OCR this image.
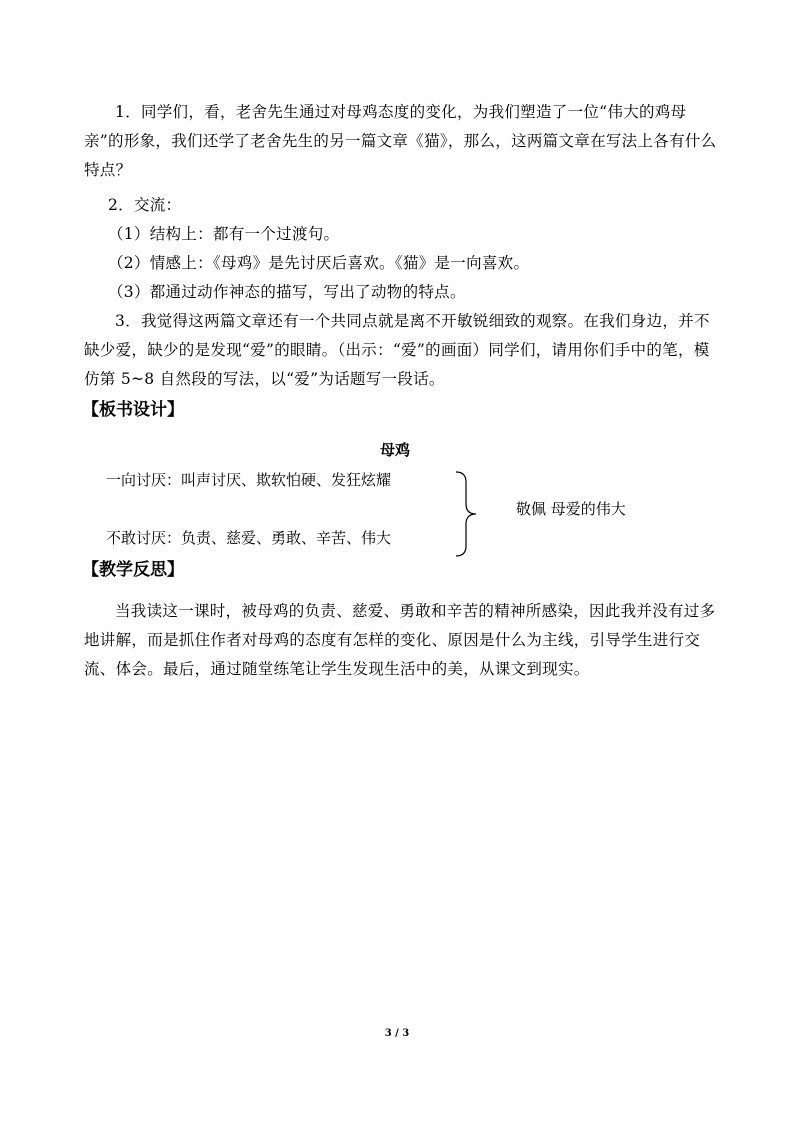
1．同学们，看，老舍先生通过对母鸡态度的变化，为我们塑造了一位“伟大的鸡母亲”的形象，我们还学了老舍先生的另一篇文章《猫》，那么，这两篇文章在写法上各有什么特点？
2．交流：
（1）结构上：都有一个过渡句。
（2）情感上：《母鸡》是先讨厌后喜欢。《猫》是一向喜欢。
（3）都通过动作神态的描写，写出了动物的特点。
3．我觉得这两篇文章还有一个共同点就是离不开敏锐细致的观察。在我们身边，并不缺少爱，缺少的是发现“爱”的眼睛。（出示：“爱”的画面）同学们，请用你们手中的笔，模仿第 5~8 自然段的写法，以“爱”为话题写一段话。
【板书设计】
母鸡
一向讨厌：叫声讨厌、欺软怕硬、发狂炫耀
不敢讨厌：负责、慈爱、勇敢、辛苦、伟大
敬佩 母爱的伟大
【教学反思】
当我读这一课时，被母鸡的负责、慈爱、勇敢和辛苦的精神所感染，因此我并没有过多地讲解，而是抓住作者对母鸡的态度有怎样的变化、原因是什么为主线，引导学生进行交流、体会。最后，通过随堂练笔让学生发现生活中的美，从课文到现实。
3 / 3
